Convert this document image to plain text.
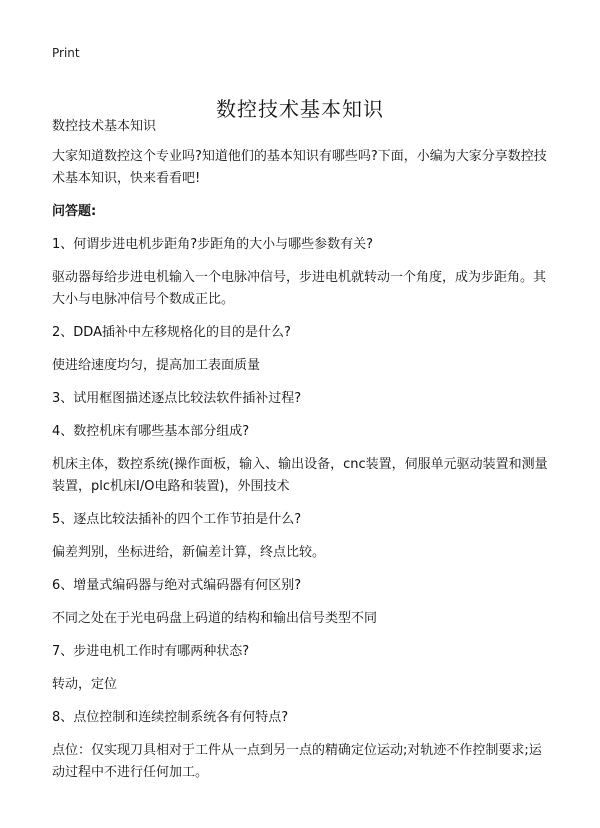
Print
数控技术基本知识

数控技术基本知识

大家知道数控这个专业吗?知道他们的基本知识有哪些吗?下面，小编为大家分享数控技术基本知识，快来看看吧!

问答题:

1、何谓步进电机步距角?步距角的大小与哪些参数有关?

驱动器每给步进电机输入一个电脉冲信号，步进电机就转动一个角度，成为步距角。其大小与电脉冲信号个数成正比。

2、DDA插补中左移规格化的目的是什么?

使进给速度均匀，提高加工表面质量

3、试用框图描述逐点比较法软件插补过程?

4、数控机床有哪些基本部分组成?

机床主体，数控系统(操作面板，输入、输出设备，cnc装置，伺服单元驱动装置和测量装置，plc机床I/O电路和装置)，外围技术

5、逐点比较法插补的四个工作节拍是什么?

偏差判别，坐标进给，新偏差计算，终点比较。

6、增量式编码器与绝对式编码器有何区别?

不同之处在于光电码盘上码道的结构和输出信号类型不同

7、步进电机工作时有哪两种状态?

转动，定位

8、点位控制和连续控制系统各有何特点?

点位：仅实现刀具相对于工件从一点到另一点的精确定位运动;对轨迹不作控制要求;运动过程中不进行任何加工。
